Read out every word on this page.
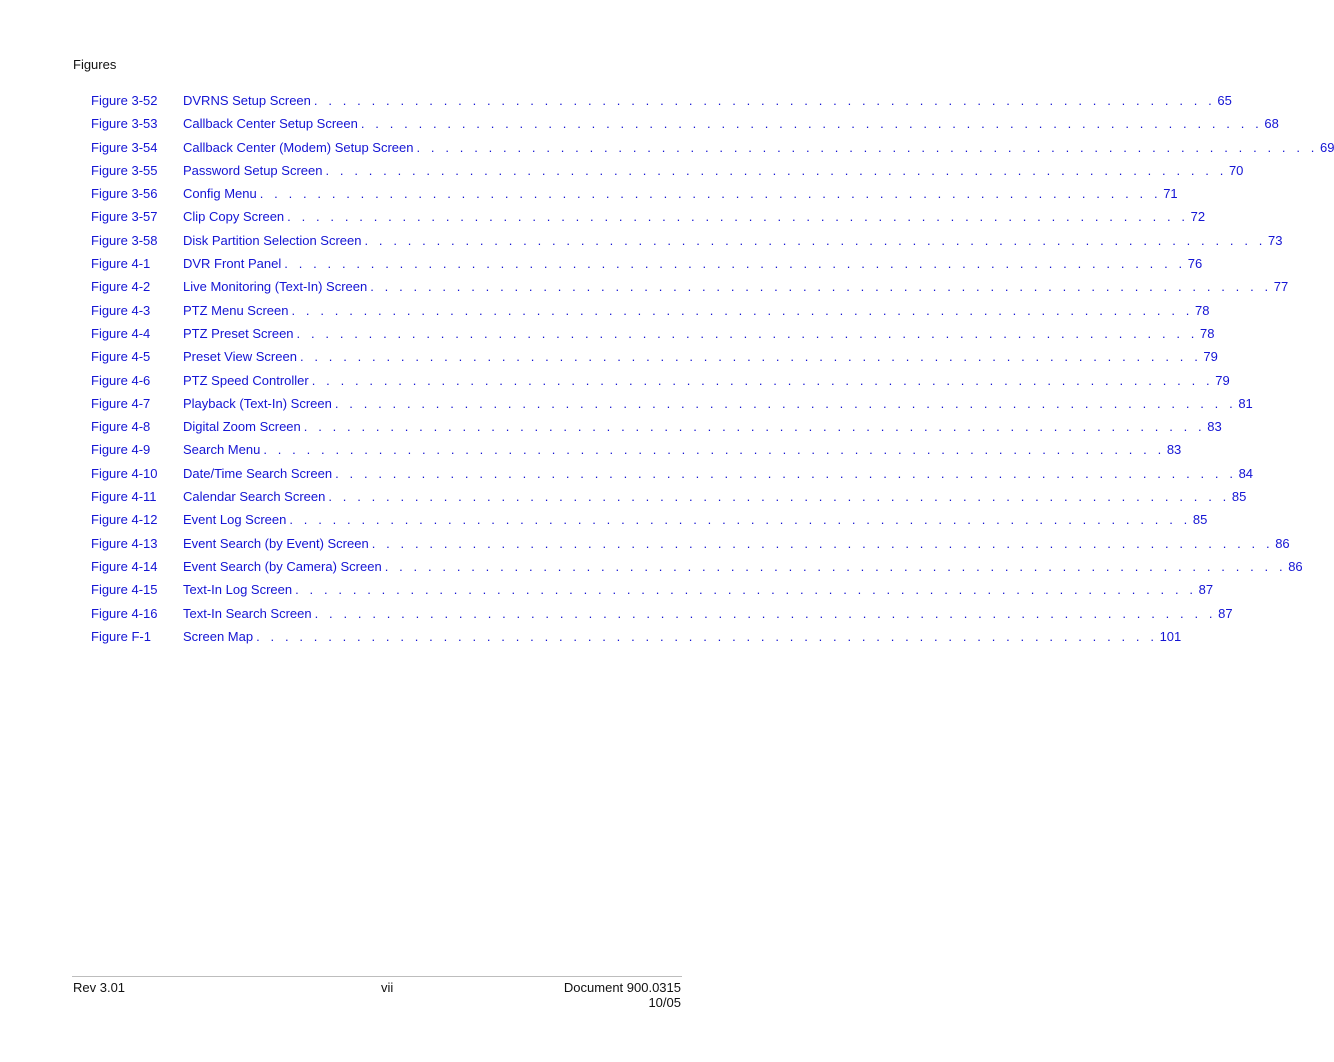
Figures
Figure 3-52	DVRNS Setup Screen . . . . . . . . . . . . . . . . . . . . . . . . . . . . . . . . . . . . . . . . . . . . . . . . . . . . . . . . . . . . . . . 65
Figure 3-53	Callback Center Setup Screen . . . . . . . . . . . . . . . . . . . . . . . . . . . . . . . . . . . . . . . . . . . . . . . . . . . . . . . . . . . . . . . 68
Figure 3-54	Callback Center (Modem) Setup Screen . . . . . . . . . . . . . . . . . . . . . . . . . . . . . . . . . . . . . . . . . . . . . . . . . . . . . . . . . . . . . . . 69
Figure 3-55	Password Setup Screen . . . . . . . . . . . . . . . . . . . . . . . . . . . . . . . . . . . . . . . . . . . . . . . . . . . . . . . . . . . . . . . 70
Figure 3-56	Config Menu . . . . . . . . . . . . . . . . . . . . . . . . . . . . . . . . . . . . . . . . . . . . . . . . . . . . . . . . . . . . . . . 71
Figure 3-57	Clip Copy Screen . . . . . . . . . . . . . . . . . . . . . . . . . . . . . . . . . . . . . . . . . . . . . . . . . . . . . . . . . . . . . . . 72
Figure 3-58	Disk Partition Selection Screen . . . . . . . . . . . . . . . . . . . . . . . . . . . . . . . . . . . . . . . . . . . . . . . . . . . . . . . . . . . . . . . 73
Figure 4-1	DVR Front Panel . . . . . . . . . . . . . . . . . . . . . . . . . . . . . . . . . . . . . . . . . . . . . . . . . . . . . . . . . . . . . . . 76
Figure 4-2	Live Monitoring (Text-In) Screen . . . . . . . . . . . . . . . . . . . . . . . . . . . . . . . . . . . . . . . . . . . . . . . . . . . . . . . . . . . . . . . 77
Figure 4-3	PTZ Menu Screen . . . . . . . . . . . . . . . . . . . . . . . . . . . . . . . . . . . . . . . . . . . . . . . . . . . . . . . . . . . . . . . 78
Figure 4-4	PTZ Preset Screen . . . . . . . . . . . . . . . . . . . . . . . . . . . . . . . . . . . . . . . . . . . . . . . . . . . . . . . . . . . . . . . 78
Figure 4-5	Preset View Screen . . . . . . . . . . . . . . . . . . . . . . . . . . . . . . . . . . . . . . . . . . . . . . . . . . . . . . . . . . . . . . . 79
Figure 4-6	PTZ Speed Controller . . . . . . . . . . . . . . . . . . . . . . . . . . . . . . . . . . . . . . . . . . . . . . . . . . . . . . . . . . . . . . . 79
Figure 4-7	Playback (Text-In) Screen . . . . . . . . . . . . . . . . . . . . . . . . . . . . . . . . . . . . . . . . . . . . . . . . . . . . . . . . . . . . . . . 81
Figure 4-8	Digital Zoom Screen . . . . . . . . . . . . . . . . . . . . . . . . . . . . . . . . . . . . . . . . . . . . . . . . . . . . . . . . . . . . . . . 83
Figure 4-9	Search Menu . . . . . . . . . . . . . . . . . . . . . . . . . . . . . . . . . . . . . . . . . . . . . . . . . . . . . . . . . . . . . . . 83
Figure 4-10	Date/Time Search Screen . . . . . . . . . . . . . . . . . . . . . . . . . . . . . . . . . . . . . . . . . . . . . . . . . . . . . . . . . . . . . . . 84
Figure 4-11	Calendar Search Screen . . . . . . . . . . . . . . . . . . . . . . . . . . . . . . . . . . . . . . . . . . . . . . . . . . . . . . . . . . . . . . . 85
Figure 4-12	Event Log Screen . . . . . . . . . . . . . . . . . . . . . . . . . . . . . . . . . . . . . . . . . . . . . . . . . . . . . . . . . . . . . . . 85
Figure 4-13	Event Search (by Event) Screen . . . . . . . . . . . . . . . . . . . . . . . . . . . . . . . . . . . . . . . . . . . . . . . . . . . . . . . . . . . . . . . 86
Figure 4-14	Event Search (by Camera) Screen . . . . . . . . . . . . . . . . . . . . . . . . . . . . . . . . . . . . . . . . . . . . . . . . . . . . . . . . . . . . . . . 86
Figure 4-15	Text-In Log Screen . . . . . . . . . . . . . . . . . . . . . . . . . . . . . . . . . . . . . . . . . . . . . . . . . . . . . . . . . . . . . . . 87
Figure 4-16	Text-In Search Screen . . . . . . . . . . . . . . . . . . . . . . . . . . . . . . . . . . . . . . . . . . . . . . . . . . . . . . . . . . . . . . . 87
Figure F-1	Screen Map . . . . . . . . . . . . . . . . . . . . . . . . . . . . . . . . . . . . . . . . . . . . . . . . . . . . . . . . . . . . . . . 101
Rev 3.01	vii	Document 900.0315
10/05
